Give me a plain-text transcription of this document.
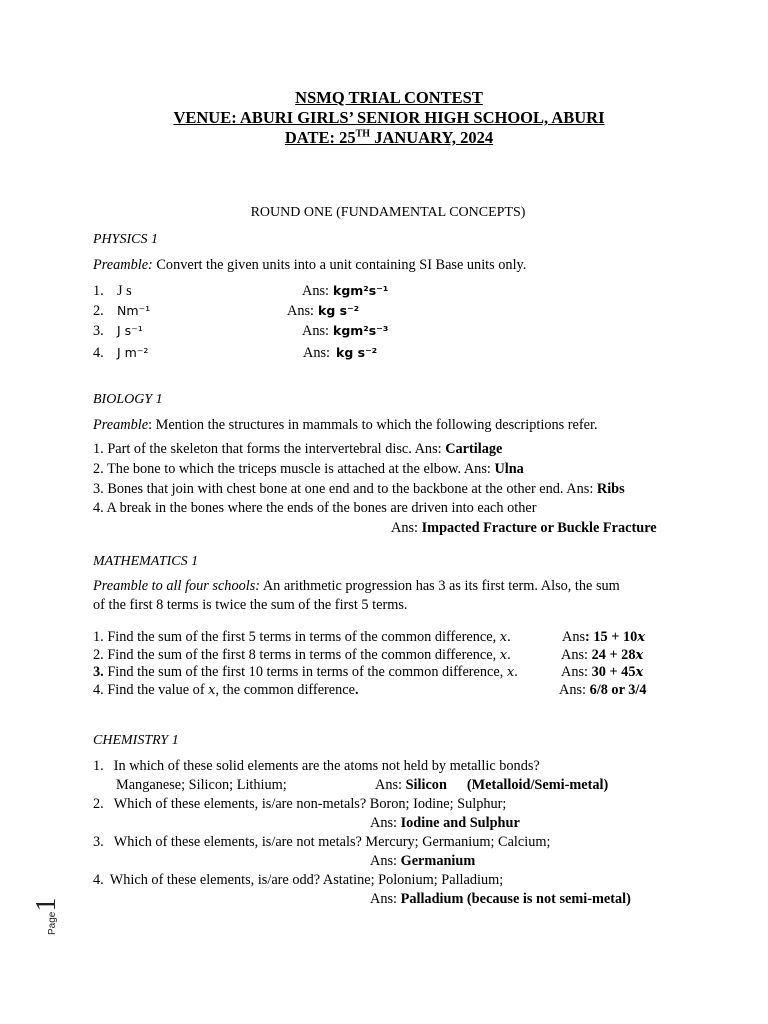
NSMQ TRIAL CONTEST
VENUE: ABURI GIRLS’ SENIOR HIGH SCHOOL, ABURI
DATE: 25TH JANUARY, 2024
ROUND ONE (FUNDAMENTAL CONCEPTS)
PHYSICS 1
Preamble: Convert the given units into a unit containing SI Base units only.
1. J s	Ans: kgm²s⁻¹
2. Nm⁻¹	Ans: kg s⁻²
3. J s⁻¹	Ans: kgm²s⁻³
4. J m⁻²	Ans: kg s⁻²
BIOLOGY 1
Preamble: Mention the structures in mammals to which the following descriptions refer.
1. Part of the skeleton that forms the intervertebral disc. Ans: Cartilage
2. The bone to which the triceps muscle is attached at the elbow. Ans: Ulna
3. Bones that join with chest bone at one end and to the backbone at the other end. Ans: Ribs
4. A break in the bones where the ends of the bones are driven into each other
Ans: Impacted Fracture or Buckle Fracture
MATHEMATICS 1
Preamble to all four schools: An arithmetic progression has 3 as its first term. Also, the sum
of the first 8 terms is twice the sum of the first 5 terms.
1. Find the sum of the first 5 terms in terms of the common difference, x.	Ans: 15 + 10x
2. Find the sum of the first 8 terms in terms of the common difference, x.	Ans: 24 + 28x
3. Find the sum of the first 10 terms in terms of the common difference, x.	Ans: 30 + 45x
4. Find the value of x, the common difference.	Ans: 6/8 or 3/4
CHEMISTRY 1
1. In which of these solid elements are the atoms not held by metallic bonds?
Manganese; Silicon; Lithium;	Ans: Silicon (Metalloid/Semi-metal)
2. Which of these elements, is/are non-metals? Boron; Iodine; Sulphur;
Ans: Iodine and Sulphur
3. Which of these elements, is/are not metals? Mercury; Germanium; Calcium;
Ans: Germanium
4. Which of these elements, is/are odd? Astatine; Polonium; Palladium;
Ans: Palladium (because is not semi-metal)
Page1
